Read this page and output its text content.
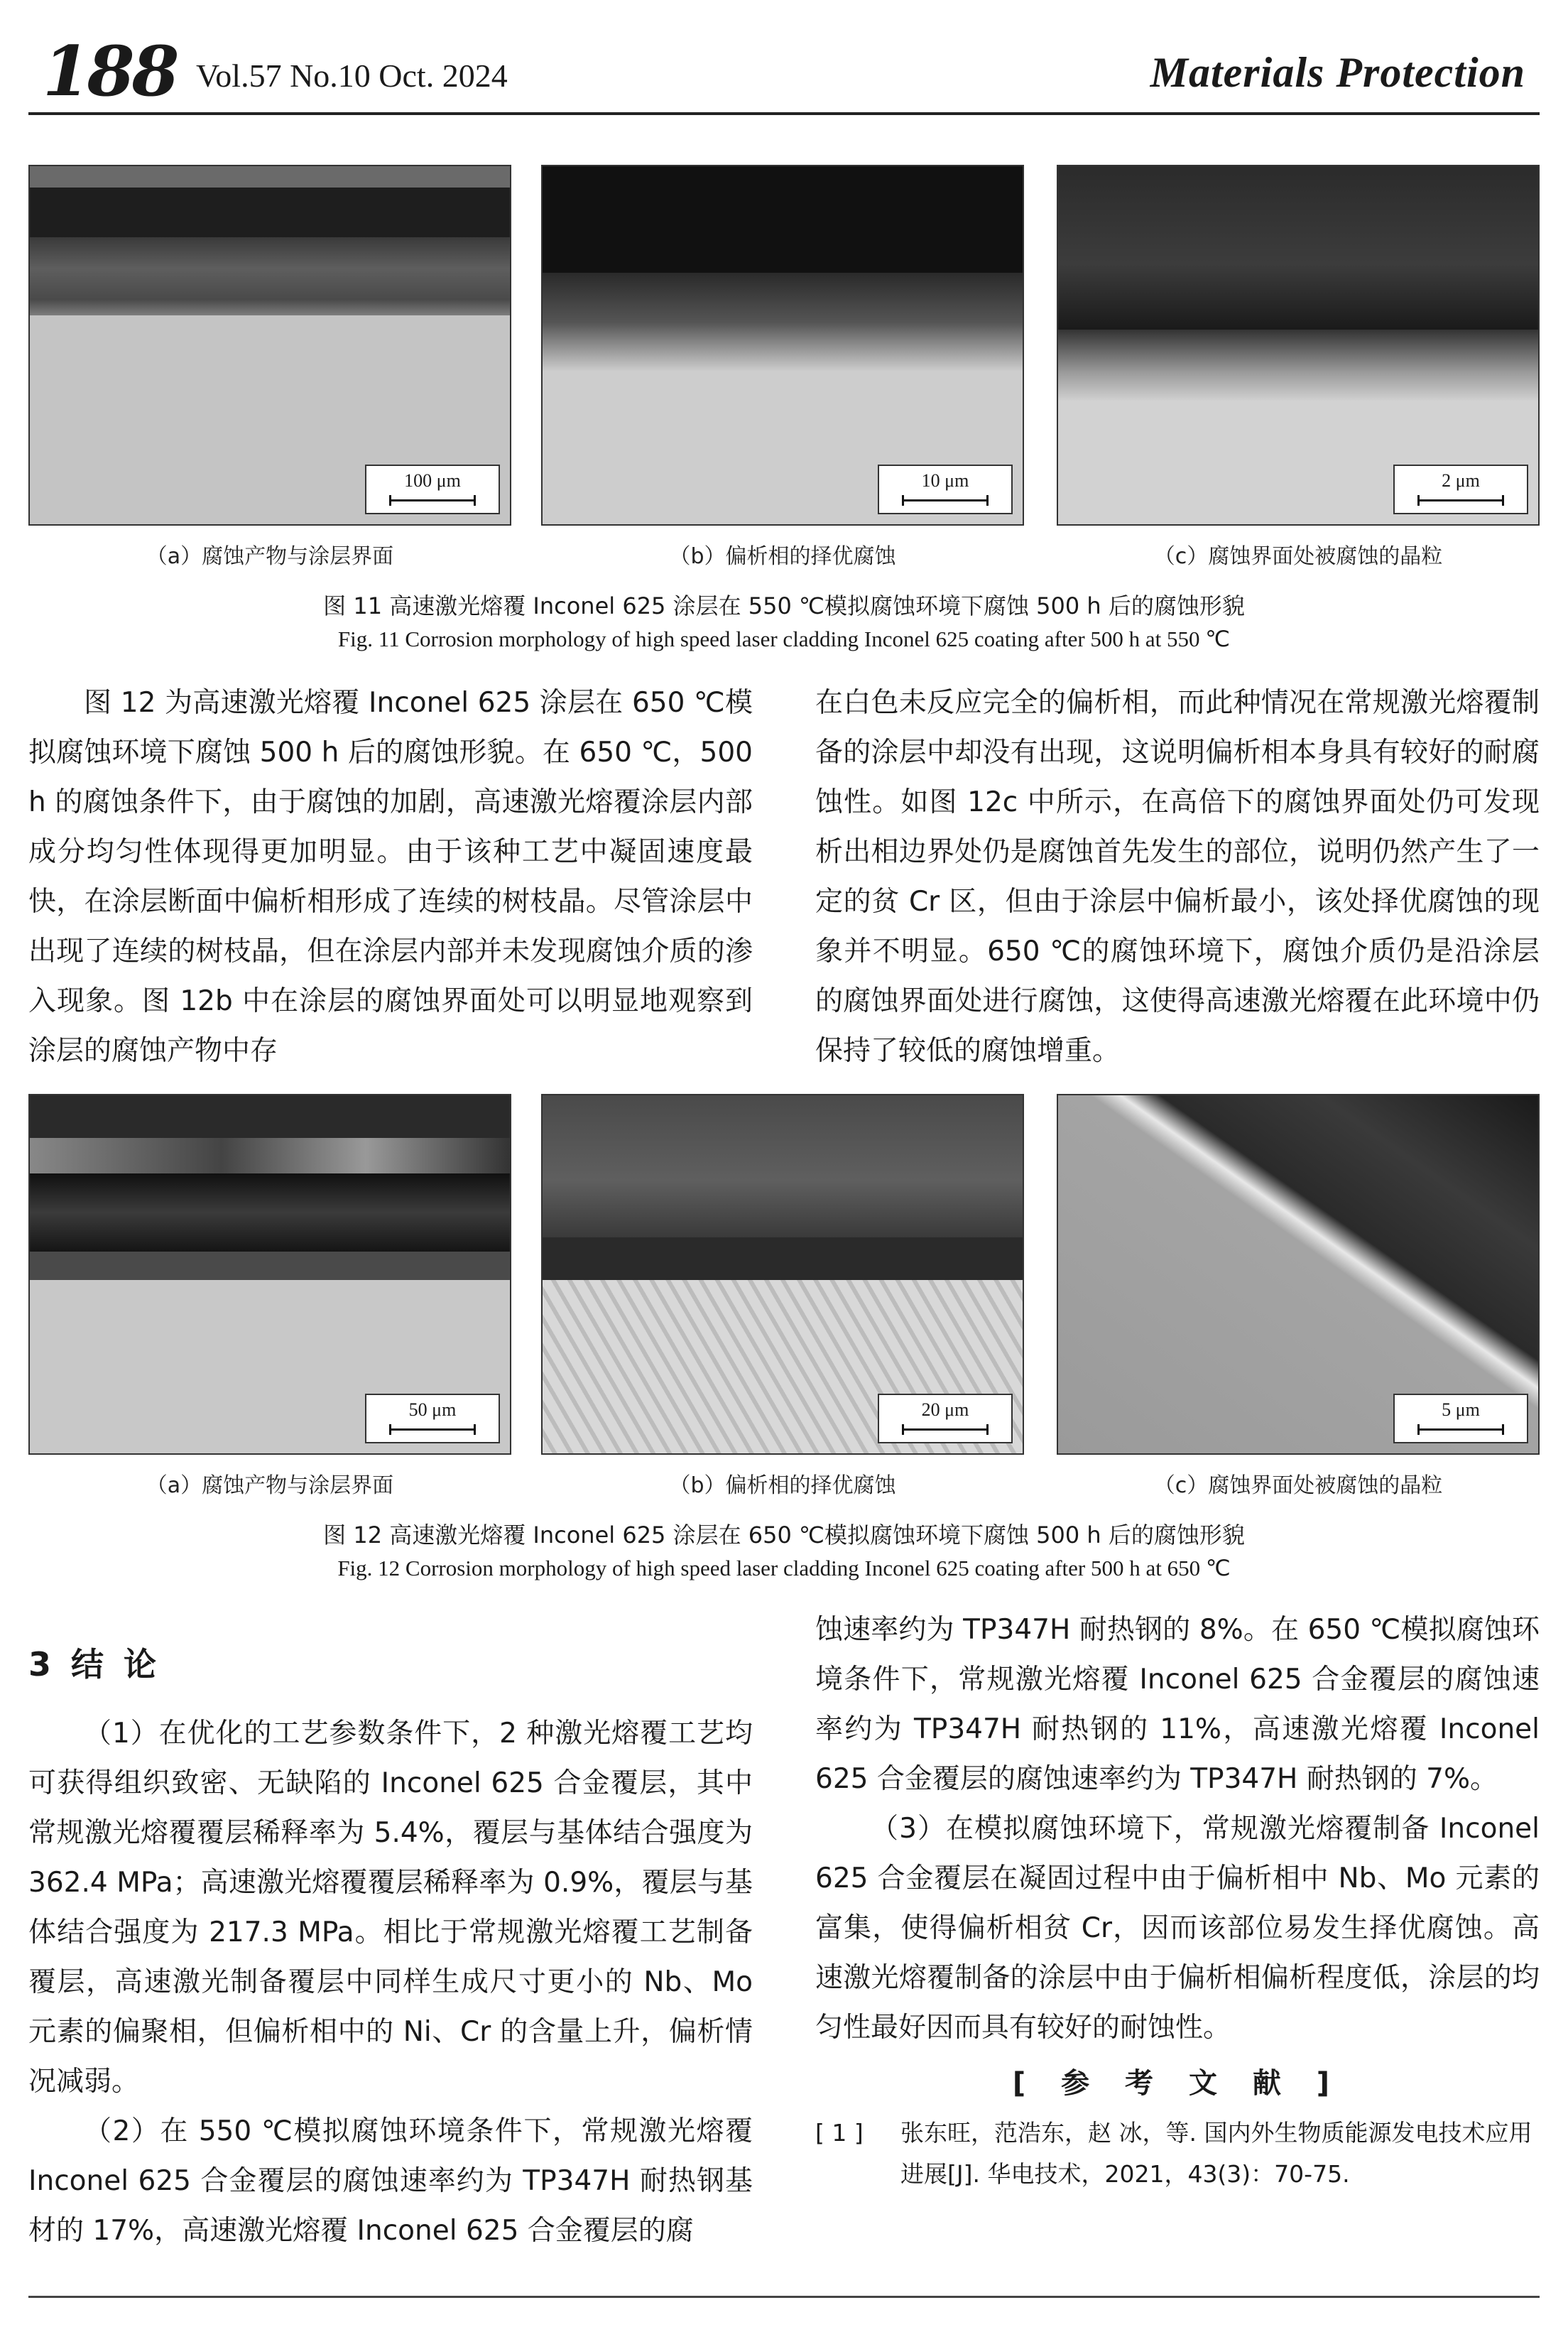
188 Vol.57 No.10 Oct. 2024	Materials Protection
100 μm	10 μm	2 μm
（a）腐蚀产物与涂层界面	（b）偏析相的择优腐蚀	（c）腐蚀界面处被腐蚀的晶粒
图 11 高速激光熔覆 Inconel 625 涂层在 550 ℃模拟腐蚀环境下腐蚀 500 h 后的腐蚀形貌
Fig. 11 Corrosion morphology of high speed laser cladding Inconel 625 coating after 500 h at 550 ℃

图 12 为高速激光熔覆 Inconel 625 涂层在 650 ℃模拟腐蚀环境下腐蚀 500 h 后的腐蚀形貌。在 650 ℃，500 h 的腐蚀条件下，由于腐蚀的加剧，高速激光熔覆涂层内部成分均匀性体现得更加明显。由于该种工艺中凝固速度最快，在涂层断面中偏析相形成了连续的树枝晶。尽管涂层中出现了连续的树枝晶，但在涂层内部并未发现腐蚀介质的渗入现象。图 12b 中在涂层的腐蚀界面处可以明显地观察到涂层的腐蚀产物中存

在白色未反应完全的偏析相，而此种情况在常规激光熔覆制备的涂层中却没有出现，这说明偏析相本身具有较好的耐腐蚀性。如图 12c 中所示，在高倍下的腐蚀界面处仍可发现析出相边界处仍是腐蚀首先发生的部位，说明仍然产生了一定的贫 Cr 区，但由于涂层中偏析最小，该处择优腐蚀的现象并不明显。650 ℃的腐蚀环境下，腐蚀介质仍是沿涂层的腐蚀界面处进行腐蚀，这使得高速激光熔覆在此环境中仍保持了较低的腐蚀增重。

50 μm	20 μm	5 μm
（a）腐蚀产物与涂层界面	（b）偏析相的择优腐蚀	（c）腐蚀界面处被腐蚀的晶粒
图 12 高速激光熔覆 Inconel 625 涂层在 650 ℃模拟腐蚀环境下腐蚀 500 h 后的腐蚀形貌
Fig. 12 Corrosion morphology of high speed laser cladding Inconel 625 coating after 500 h at 650 ℃
3 结 论

（1）在优化的工艺参数条件下，2 种激光熔覆工艺均可获得组织致密、无缺陷的 Inconel 625 合金覆层，其中常规激光熔覆覆层稀释率为 5.4%，覆层与基体结合强度为 362.4 MPa；高速激光熔覆覆层稀释率为 0.9%，覆层与基体结合强度为 217.3 MPa。相比于常规激光熔覆工艺制备覆层，高速激光制备覆层中同样生成尺寸更小的 Nb、Mo 元素的偏聚相，但偏析相中的 Ni、Cr 的含量上升，偏析情况减弱。

（2）在 550 ℃模拟腐蚀环境条件下，常规激光熔覆 Inconel 625 合金覆层的腐蚀速率约为 TP347H 耐热钢基材的 17%，高速激光熔覆 Inconel 625 合金覆层的腐

蚀速率约为 TP347H 耐热钢的 8%。在 650 ℃模拟腐蚀环境条件下，常规激光熔覆 Inconel 625 合金覆层的腐蚀速率约为 TP347H 耐热钢的 11%，高速激光熔覆 Inconel 625 合金覆层的腐蚀速率约为 TP347H 耐热钢的 7%。

（3）在模拟腐蚀环境下，常规激光熔覆制备 Inconel 625 合金覆层在凝固过程中由于偏析相中 Nb、Mo 元素的富集，使得偏析相贫 Cr，因而该部位易发生择优腐蚀。高速激光熔覆制备的涂层中由于偏析相偏析程度低，涂层的均匀性最好因而具有较好的耐蚀性。

[ 参 考 文 献 ]
[ 1 ] 张东旺，范浩东，赵 冰，等. 国内外生物质能源发电技术应用进展[J]. 华电技术，2021，43(3)：70-75.
